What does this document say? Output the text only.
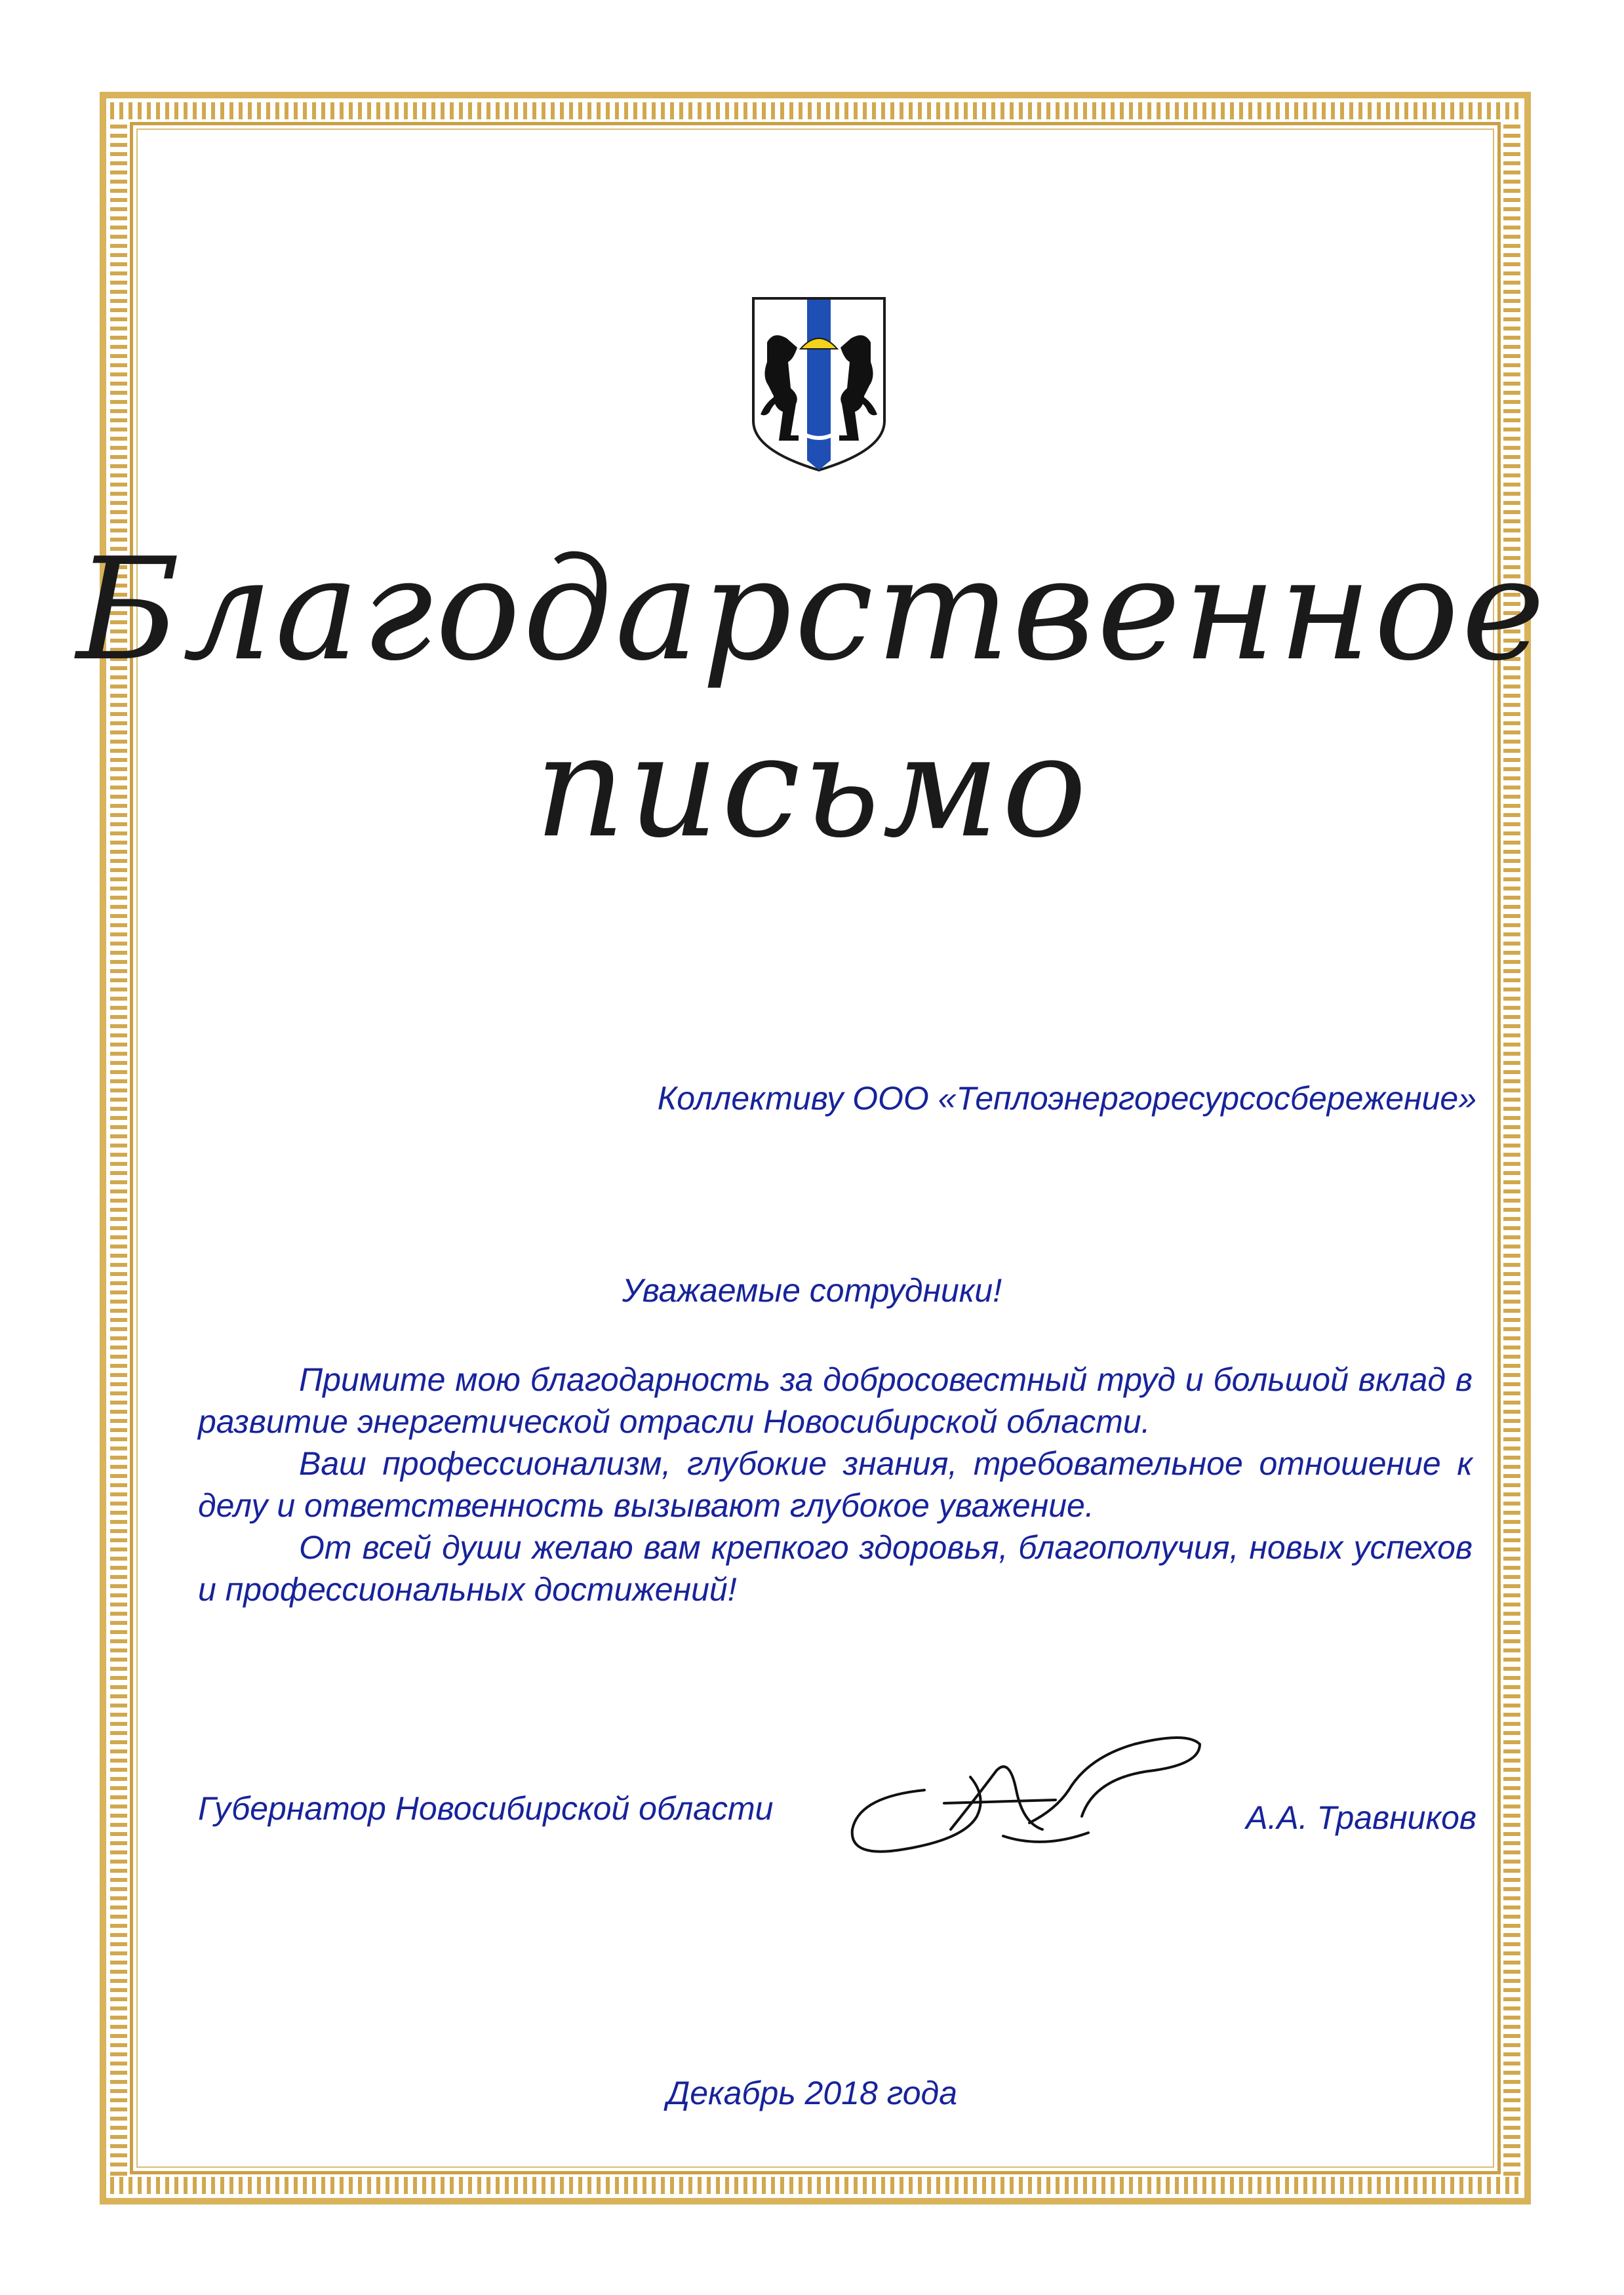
Благодарственное
письмо
Коллективу ООО «Теплоэнергоресурсосбережение»
Уважаемые сотрудники!

Примите мою благодарность за добросовестный труд и большой вклад в развитие энергетической отрасли Новосибирской области.

Ваш профессионализм, глубокие знания, требовательное отношение к делу и ответственность вызывают глубокое уважение.

От всей души желаю вам крепкого здоровья, благополучия, новых успехов и профессиональных достижений!

Губернатор Новосибирской области	А.А. Травников
Декабрь 2018 года
